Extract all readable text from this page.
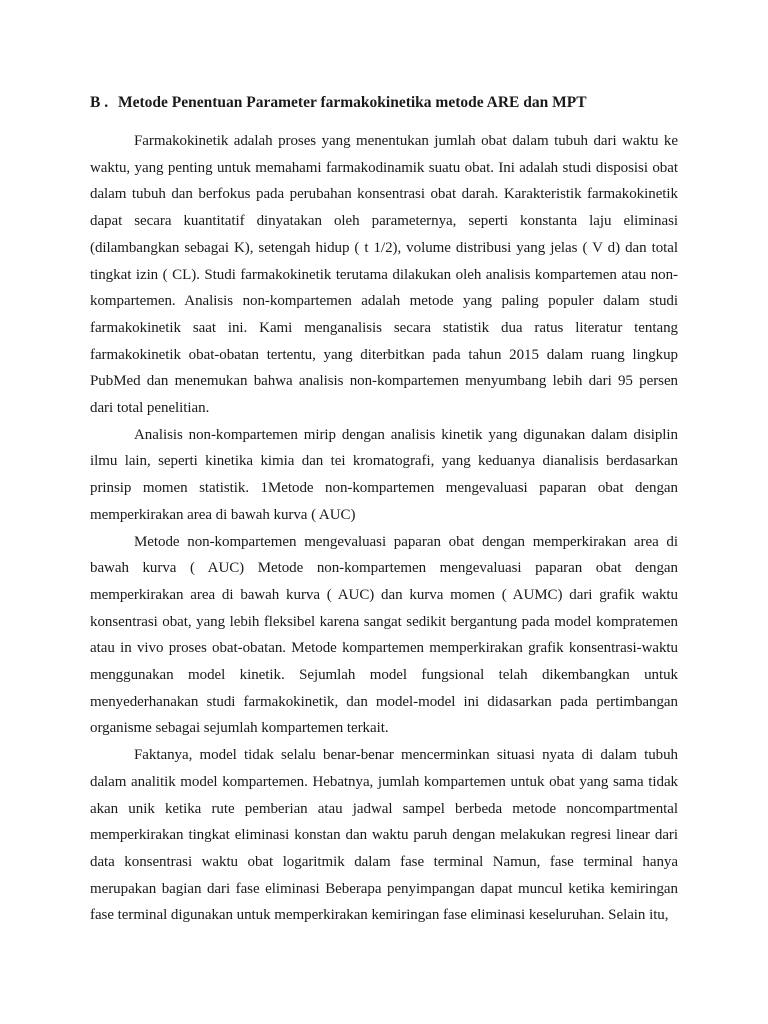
B . Metode Penentuan Parameter farmakokinetika metode ARE dan MPT

Farmakokinetik adalah proses yang menentukan jumlah obat dalam tubuh dari waktu ke waktu, yang penting untuk memahami farmakodinamik suatu obat. Ini adalah studi disposisi obat dalam tubuh dan berfokus pada perubahan konsentrasi obat darah. Karakteristik farmakokinetik dapat secara kuantitatif dinyatakan oleh parameternya, seperti konstanta laju eliminasi (dilambangkan sebagai K), setengah hidup ( t 1/2), volume distribusi yang jelas ( V d) dan total tingkat izin ( CL). Studi farmakokinetik terutama dilakukan oleh analisis kompartemen atau non-kompartemen. Analisis non-kompartemen adalah metode yang paling populer dalam studi farmakokinetik saat ini. Kami menganalisis secara statistik dua ratus literatur tentang farmakokinetik obat-obatan tertentu, yang diterbitkan pada tahun 2015 dalam ruang lingkup PubMed dan menemukan bahwa analisis non-kompartemen menyumbang lebih dari 95 persen dari total penelitian.

Analisis non-kompartemen mirip dengan analisis kinetik yang digunakan dalam disiplin ilmu lain, seperti kinetika kimia dan tei kromatografi, yang keduanya dianalisis berdasarkan prinsip momen statistik. 1Metode non-kompartemen mengevaluasi paparan obat dengan memperkirakan area di bawah kurva ( AUC)

Metode non-kompartemen mengevaluasi paparan obat dengan memperkirakan area di bawah kurva ( AUC) Metode non-kompartemen mengevaluasi paparan obat dengan memperkirakan area di bawah kurva ( AUC) dan kurva momen ( AUMC) dari grafik waktu konsentrasi obat, yang lebih fleksibel karena sangat sedikit bergantung pada model kompratemen atau in vivo proses obat-obatan. Metode kompartemen memperkirakan grafik konsentrasi-waktu menggunakan model kinetik. Sejumlah model fungsional telah dikembangkan untuk menyederhanakan studi farmakokinetik, dan model-model ini didasarkan pada pertimbangan organisme sebagai sejumlah kompartemen terkait.

Faktanya, model tidak selalu benar-benar mencerminkan situasi nyata di dalam tubuh dalam analitik model kompartemen. Hebatnya, jumlah kompartemen untuk obat yang sama tidak akan unik ketika rute pemberian atau jadwal sampel berbeda metode noncompartmental memperkirakan tingkat eliminasi konstan dan waktu paruh dengan melakukan regresi linear dari data konsentrasi waktu obat logaritmik dalam fase terminal Namun, fase terminal hanya merupakan bagian dari fase eliminasi Beberapa penyimpangan dapat muncul ketika kemiringan fase terminal digunakan untuk memperkirakan kemiringan fase eliminasi keseluruhan. Selain itu,
